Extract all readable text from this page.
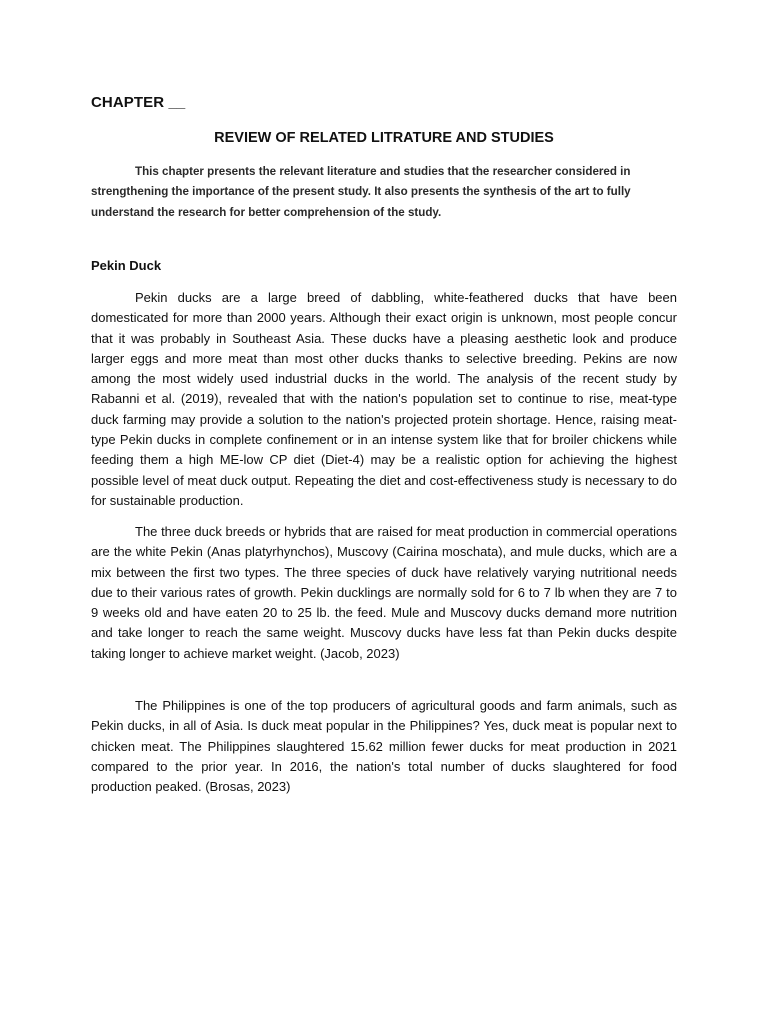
CHAPTER __
REVIEW OF RELATED LITRATURE AND STUDIES
This chapter presents the relevant literature and studies that the researcher considered in strengthening the importance of the present study. It also presents the synthesis of the art to fully understand the research for better comprehension of the study.
Pekin Duck

Pekin ducks are a large breed of dabbling, white-feathered ducks that have been domesticated for more than 2000 years. Although their exact origin is unknown, most people concur that it was probably in Southeast Asia. These ducks have a pleasing aesthetic look and produce larger eggs and more meat than most other ducks thanks to selective breeding. Pekins are now among the most widely used industrial ducks in the world. The analysis of the recent study by Rabanni et al. (2019), revealed that with the nation's population set to continue to rise, meat-type duck farming may provide a solution to the nation's projected protein shortage. Hence, raising meat-type Pekin ducks in complete confinement or in an intense system like that for broiler chickens while feeding them a high ME-low CP diet (Diet-4) may be a realistic option for achieving the highest possible level of meat duck output. Repeating the diet and cost-effectiveness study is necessary to do for sustainable production.

The three duck breeds or hybrids that are raised for meat production in commercial operations are the white Pekin (Anas platyrhynchos), Muscovy (Cairina moschata), and mule ducks, which are a mix between the first two types. The three species of duck have relatively varying nutritional needs due to their various rates of growth. Pekin ducklings are normally sold for 6 to 7 lb when they are 7 to 9 weeks old and have eaten 20 to 25 lb. the feed. Mule and Muscovy ducks demand more nutrition and take longer to reach the same weight. Muscovy ducks have less fat than Pekin ducks despite taking longer to achieve market weight. (Jacob, 2023)

The Philippines is one of the top producers of agricultural goods and farm animals, such as Pekin ducks, in all of Asia. Is duck meat popular in the Philippines? Yes, duck meat is popular next to chicken meat. The Philippines slaughtered 15.62 million fewer ducks for meat production in 2021 compared to the prior year. In 2016, the nation's total number of ducks slaughtered for food production peaked. (Brosas, 2023)
